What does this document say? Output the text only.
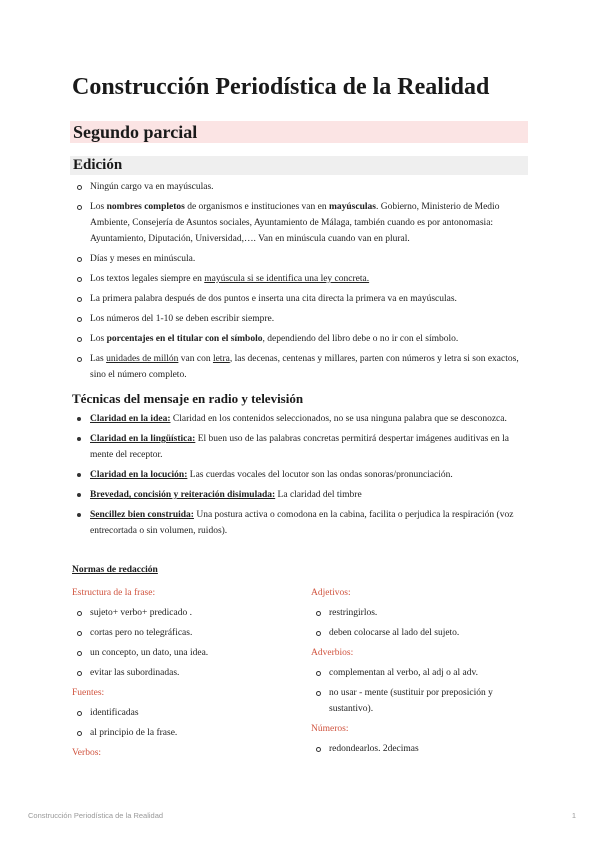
Construcción Periodística de la Realidad
Segundo parcial
Edición
Ningún cargo va en mayúsculas.
Los nombres completos de organismos e instituciones van en mayúsculas. Gobierno, Ministerio de Medio Ambiente, Consejería de Asuntos sociales, Ayuntamiento de Málaga, también cuando es por antonomasia: Ayuntamiento, Diputación, Universidad,…. Van en minúscula cuando van en plural.
Días y meses en minúscula.
Los textos legales siempre en mayúscula si se identifica una ley concreta.
La primera palabra después de dos puntos e inserta una cita directa la primera va en mayúsculas.
Los números del 1-10 se deben escribir siempre.
Los porcentajes en el titular con el símbolo, dependiendo del libro debe o no ir con el símbolo.
Las unidades de millón van con letra, las decenas, centenas y millares, parten con números y letra si son exactos, sino el número completo.
Técnicas del mensaje en radio y televisión
Claridad en la idea: Claridad en los contenidos seleccionados, no se usa ninguna palabra que se desconozca.
Claridad en la lingüística: El buen uso de las palabras concretas permitirá despertar imágenes auditivas en la mente del receptor.
Claridad en la locución: Las cuerdas vocales del locutor son las ondas sonoras/pronunciación.
Brevedad, concisión y reiteración disimulada: La claridad del timbre
Sencillez bien construida: Una postura activa o comodona en la cabina, facilita o perjudica la respiración (voz entrecortada o sin volumen, ruidos).

Normas de redacción

Estructura de la frase:

sujeto+ verbo+ predicado .
cortas pero no telegráficas.
un concepto, un dato, una idea.
evitar las subordinadas.

Fuentes:

identificadas
al principio de la frase.

Verbos:

Adjetivos:

restringirlos.
deben colocarse al lado del sujeto.

Adverbios:

complementan al verbo, al adj o al adv.
no usar - mente (sustituir por preposición y sustantivo).

Números:

redondearlos. 2decimas
Construcción Periodística de la Realidad	1
